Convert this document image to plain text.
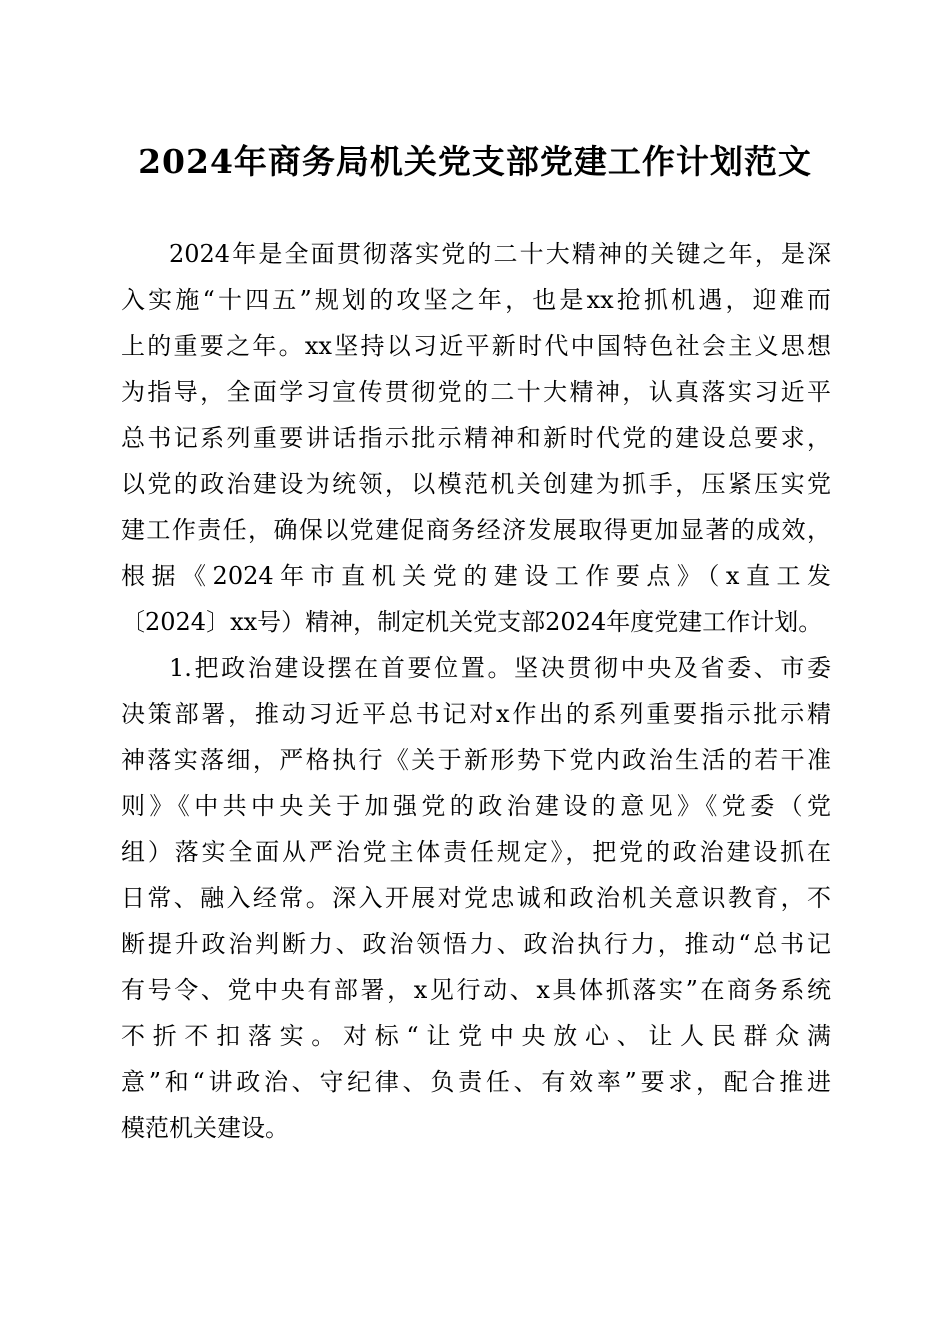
2024年商务局机关党支部党建工作计划范文
2024年是全面贯彻落实党的二十大精神的关键之年，是深
入实施“十四五”规划的攻坚之年，也是xx抢抓机遇，迎难而
上的重要之年。xx坚持以习近平新时代中国特色社会主义思想
为指导，全面学习宣传贯彻党的二十大精神，认真落实习近平
总书记系列重要讲话指示批示精神和新时代党的建设总要求，
以党的政治建设为统领，以模范机关创建为抓手，压紧压实党
建工作责任，确保以党建促商务经济发展取得更加显著的成效，
根据《2024年市直机关党的建设工作要点》（x直工发
〔2024〕xx号）精神，制定机关党支部2024年度党建工作计划。
1.把政治建设摆在首要位置。坚决贯彻中央及省委、市委
决策部署，推动习近平总书记对x作出的系列重要指示批示精
神落实落细，严格执行《关于新形势下党内政治生活的若干准
则》《中共中央关于加强党的政治建设的意见》《党委（党
组）落实全面从严治党主体责任规定》，把党的政治建设抓在
日常、融入经常。深入开展对党忠诚和政治机关意识教育，不
断提升政治判断力、政治领悟力、政治执行力，推动“总书记
有号令、党中央有部署，x见行动、x具体抓落实”在商务系统
不折不扣落实。对标“让党中央放心、让人民群众满
意”和“讲政治、守纪律、负责任、有效率”要求，配合推进
模范机关建设。
